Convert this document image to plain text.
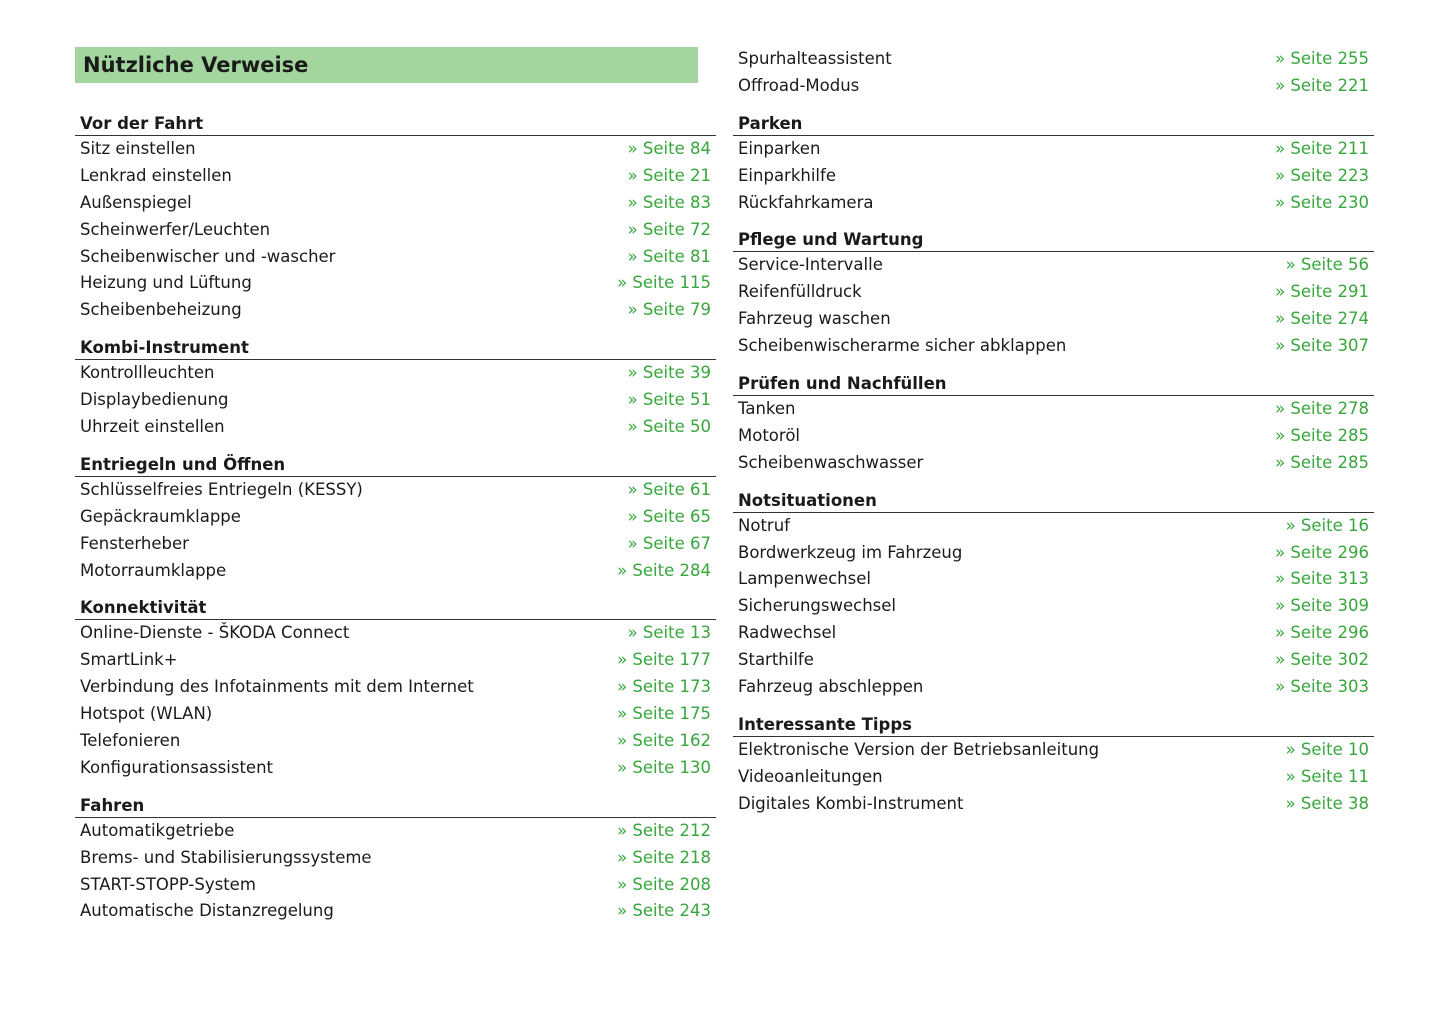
Nützliche Verweise
Vor der Fahrt
Sitz einstellen	» Seite 84
Lenkrad einstellen	» Seite 21
Außenspiegel	» Seite 83
Scheinwerfer/Leuchten	» Seite 72
Scheibenwischer und -wascher	» Seite 81
Heizung und Lüftung	» Seite 115
Scheibenbeheizung	» Seite 79
Kombi-Instrument
Kontrollleuchten	» Seite 39
Displaybedienung	» Seite 51
Uhrzeit einstellen	» Seite 50
Entriegeln und Öffnen
Schlüsselfreies Entriegeln (KESSY)	» Seite 61
Gepäckraumklappe	» Seite 65
Fensterheber	» Seite 67
Motorraumklappe	» Seite 284
Konnektivität
Online-Dienste - ŠKODA Connect	» Seite 13
SmartLink+	» Seite 177
Verbindung des Infotainments mit dem Internet	» Seite 173
Hotspot (WLAN)	» Seite 175
Telefonieren	» Seite 162
Konfigurationsassistent	» Seite 130
Fahren
Automatikgetriebe	» Seite 212
Brems- und Stabilisierungssysteme	» Seite 218
START-STOPP-System	» Seite 208
Automatische Distanzregelung	» Seite 243
Spurhalteassistent	» Seite 255
Offroad-Modus	» Seite 221
Parken
Einparken	» Seite 211
Einparkhilfe	» Seite 223
Rückfahrkamera	» Seite 230
Pflege und Wartung
Service-Intervalle	» Seite 56
Reifenfülldruck	» Seite 291
Fahrzeug waschen	» Seite 274
Scheibenwischerarme sicher abklappen	» Seite 307
Prüfen und Nachfüllen
Tanken	» Seite 278
Motoröl	» Seite 285
Scheibenwaschwasser	» Seite 285
Notsituationen
Notruf	» Seite 16
Bordwerkzeug im Fahrzeug	» Seite 296
Lampenwechsel	» Seite 313
Sicherungswechsel	» Seite 309
Radwechsel	» Seite 296
Starthilfe	» Seite 302
Fahrzeug abschleppen	» Seite 303
Interessante Tipps
Elektronische Version der Betriebsanleitung	» Seite 10
Videoanleitungen	» Seite 11
Digitales Kombi-Instrument	» Seite 38
